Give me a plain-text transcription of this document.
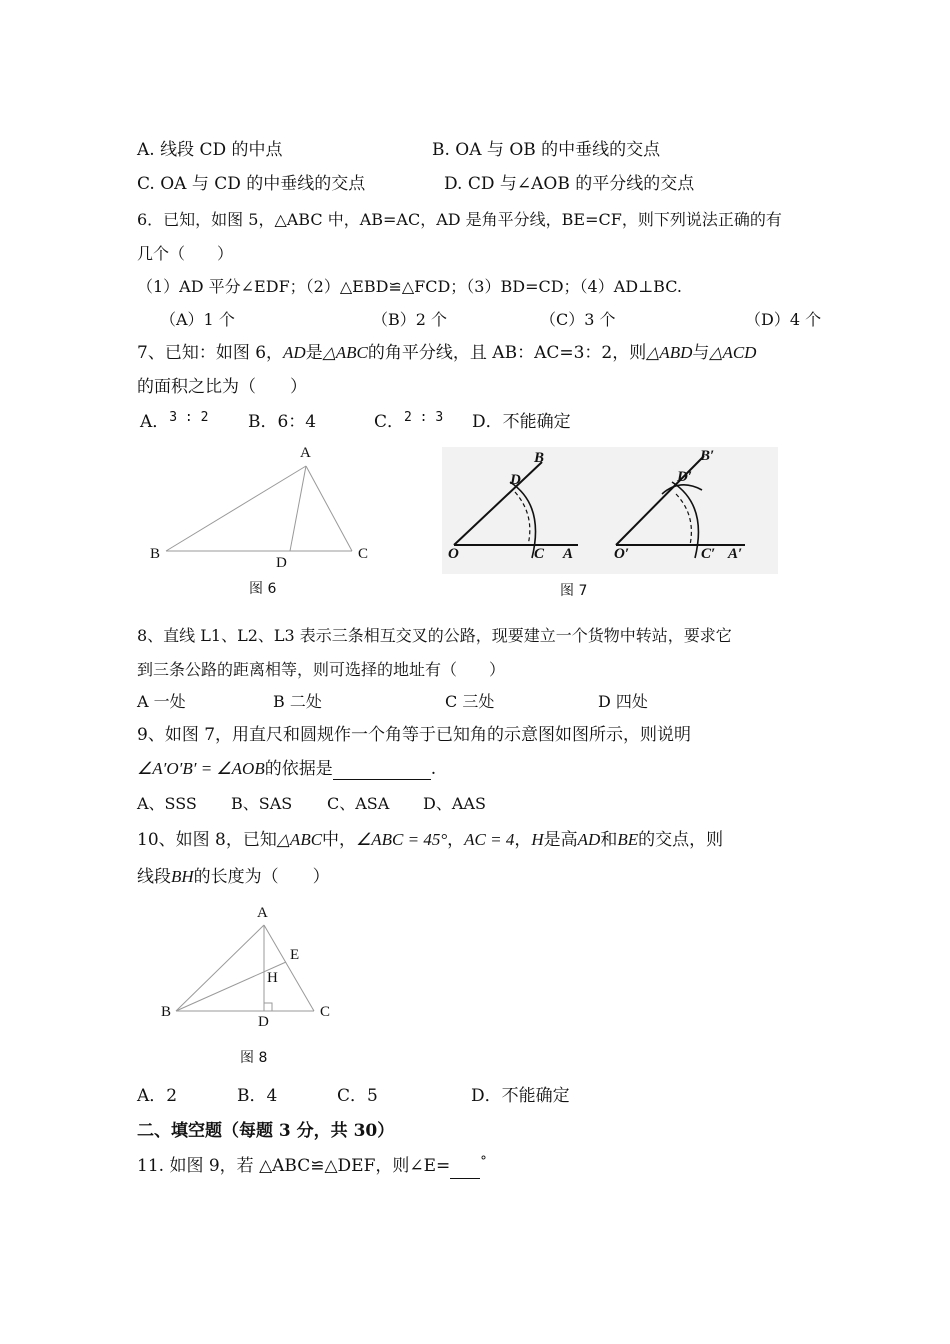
A. 线段 CD 的中点	B. OA 与 OB 的中垂线的交点
C. OA 与 CD 的中垂线的交点	D. CD 与∠AOB 的平分线的交点
6．已知，如图 5，△ABC 中，AB=AC，AD 是角平分线，BE=CF，则下列说法正确的有
几个（　　）
（1）AD 平分∠EDF；（2）△EBD≌△FCD；（3）BD=CD；（4）AD⊥BC.
（A）1 个	（B）2 个	（C）3 个	（D）4 个
7、已知：如图 6，AD是△ABC的角平分线，且 AB：AC=3：2，则△ABD与△ACD
的面积之比为（　　）
A．$^{3 : 2}$ B．6：4	C．$^{2 : 3}$ D．不能确定
A
B	C
D
图 6
B
D
O	C A
B′
D′
O′	C′ A′
图 7
8、直线 L1、L2、L3 表示三条相互交叉的公路，现要建立一个货物中转站，要求它
到三条公路的距离相等，则可选择的地址有（　　）
A 一处	B 二处	C 三处	D 四处
9、如图 7，用直尺和圆规作一个角等于已知角的示意图如图所示，则说明
∠A′O′B′ = ∠AOB的依据是	.
A、SSS B、SAS C、ASA D、AAS
10、如图 8，已知△ABC中，∠ABC = 45°，AC = 4，H是高AD和BE的交点，则
线段BH的长度为（　　）
A
B	C
D
E
H
图 8
A．2	B．4	C．5	D．不能确定
二、填空题（每题 3 分，共 30）
11. 如图 9，若 △ABC≌△DEF，则∠E= °
